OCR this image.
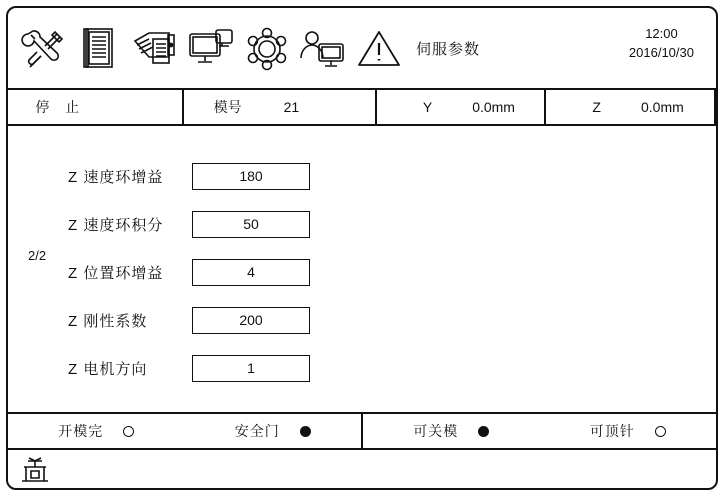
伺服参数
12:00
2016/10/30
停 止	模号	21	Y	0.0mm	Z	0.0mm
2/2
Z 速度环增益	180
Z 速度环积分	50
Z 位置环增益	4
Z 刚性系数	200
Z 电机方向	1
开模完	安全门	可关模	可顶针
